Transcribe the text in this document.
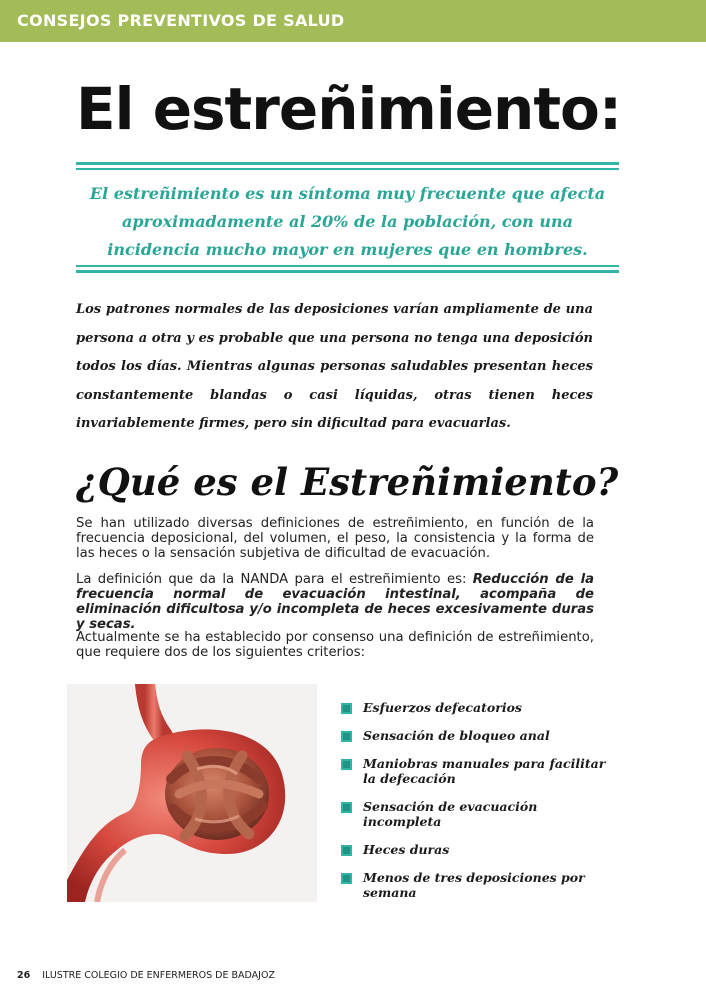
CONSEJOS PREVENTIVOS DE SALUD
El estreñimiento:

El estreñimiento es un síntoma muy frecuente que afecta aproximadamente al 20% de la población, con una incidencia mucho mayor en mujeres que en hombres.

Los patrones normales de las deposiciones varían ampliamente de una persona a otra y es probable que una persona no tenga una deposición todos los días. Mientras algunas personas saludables presentan heces constantemente blandas o casi líquidas, otras tienen heces invariablemente firmes, pero sin dificultad para evacuarlas.

¿Qué es el Estreñimiento?

Se han utilizado diversas definiciones de estreñimiento, en función de la frecuencia deposicional, del volumen, el peso, la consistencia y la forma de las heces o la sensación subjetiva de dificultad de evacuación.

La definición que da la NANDA para el estreñimiento es: Reducción de la frecuencia normal de evacuación intestinal, acompaña de eliminación dificultosa y/o incompleta de heces excesivamente duras y secas.

Actualmente se ha establecido por consenso una definición de estreñimiento, que requiere dos de los siguientes criterios:

Esfuerzos defecatorios
Sensación de bloqueo anal
Maniobras manuales para facilitar la defecación
Sensación de evacuación incompleta
Heces duras
Menos de tres deposiciones por semana
26 ILUSTRE COLEGIO DE ENFERMEROS DE BADAJOZ
